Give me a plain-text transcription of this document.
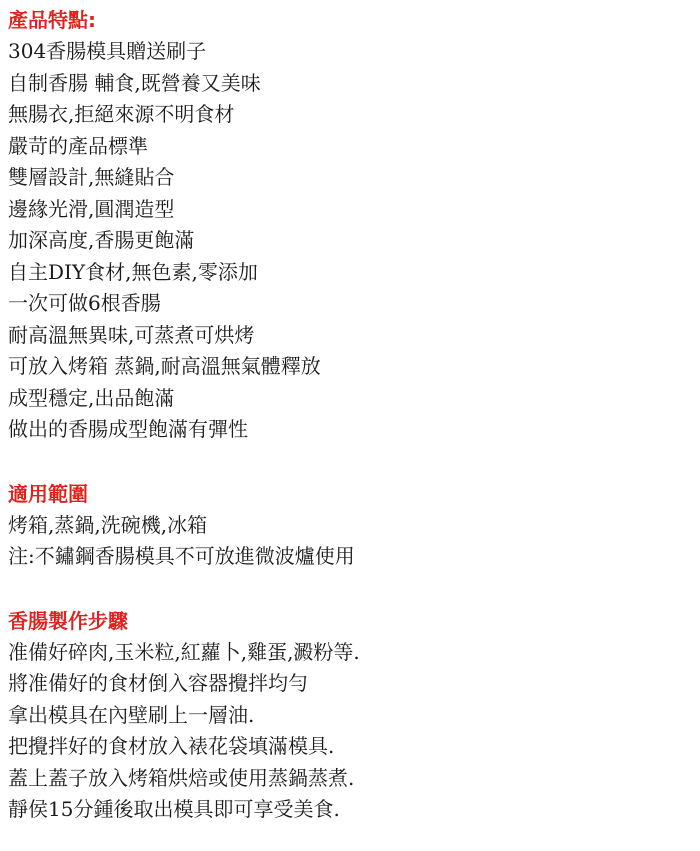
產品特點:

304香腸模具贈送刷子

自制香腸 輔食,既營養又美味

無腸衣,拒絕來源不明食材

嚴苛的產品標準

雙層設計,無縫貼合

邊緣光滑,圓潤造型

加深高度,香腸更飽滿

自主DIY食材,無色素,零添加

一次可做6根香腸

耐高溫無異味,可蒸煮可烘烤

可放入烤箱 蒸鍋,耐高溫無氣體釋放

成型穩定,出品飽滿

做出的香腸成型飽滿有彈性

適用範圍

烤箱,蒸鍋,洗碗機,冰箱

注:不鏽鋼香腸模具不可放進微波爐使用

香腸製作步驟

准備好碎肉,玉米粒,紅蘿卜,雞蛋,澱粉等.

將准備好的食材倒入容器攪拌均勻

拿出模具在內壁刷上一層油.

把攪拌好的食材放入裱花袋填滿模具.

蓋上蓋子放入烤箱烘焙或使用蒸鍋蒸煮.

靜侯15分鍾後取出模具即可享受美食.
